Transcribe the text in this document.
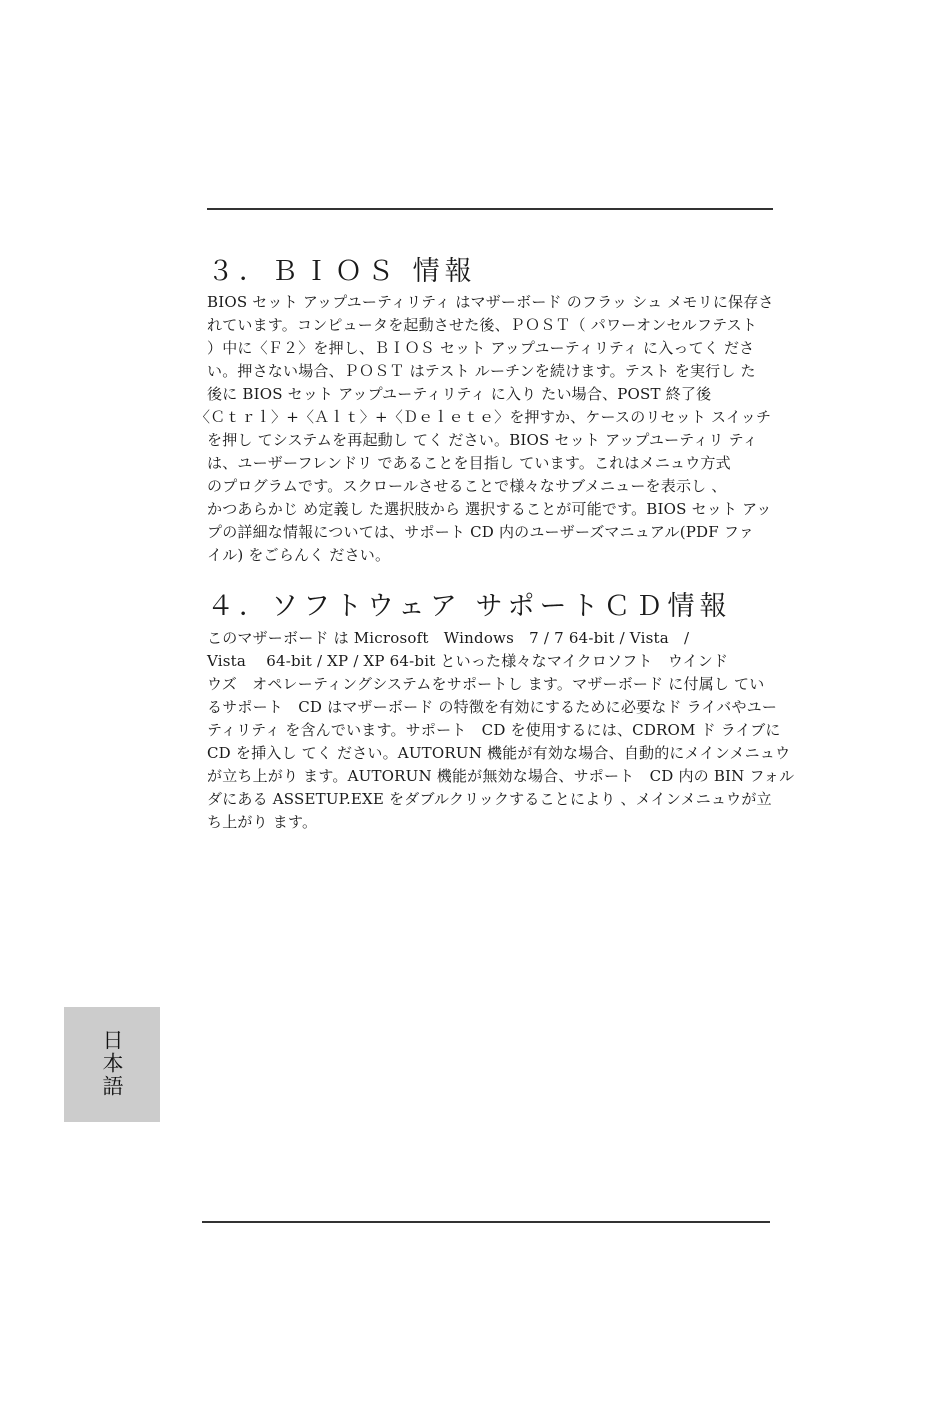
３．ＢＩＯＳ 情報

BIOS セット アップユーティリティ はマザーボード のフラッ シュ メモリに保存さ
れています。コンピュータを起動させた後、ＰＯＳＴ（ パワーオンセルフテスト
）中に〈Ｆ２〉を押し、ＢＩＯＳ セット アップユーティリティ に入ってく ださ
い。押さない場合、ＰＯＳＴ はテスト ルーチンを続けます。テスト を実行し た
後に BIOS セット アップユーティリティ に入り たい場合、POST 終了後
〈Ｃｔｒｌ〉+〈Ａｌｔ〉+〈Ｄｅｌｅｔｅ〉を押すか、ケースのリセット スイッチ
を押し てシステムを再起動し てく ださい。BIOS セット アップユーティリ ティ
は、ユーザーフレンドリ であることを目指し ています。これはメニュウ方式
のプログラムです。スクロールさせることで様々なサブメニューを表示し 、
かつあらかじ め定義し た選択肢から 選択することが可能です。BIOS セット アッ
プの詳細な情報については、サポート CD 内のユーザーズマニュアル(PDF ファ
イル) をごらんく ださい。

４．ソフトウェア サポートＣＤ情報

このマザーボード は Microsoft　Windows　7 / 7 64-bit / Vista　/
Vista　 64-bit / XP / XP 64-bit といった様々なマイクロソフト　ウインド
ウズ　オペレーティングシステムをサポートし ます。マザーボード に付属し てい
るサポート　CD はマザーボード の特徴を有効にするために必要なド ライバやユー
ティリティ を含んでいます。サポート　CD を使用するには、CDROM ド ライブに
CD を挿入し てく ださい。AUTORUN 機能が有効な場合、自動的にメインメニュウ
が立ち上がり ます。AUTORUN 機能が無効な場合、サポート　CD 内の BIN フォル
ダにある ASSETUP.EXE をダブルクリックすることにより 、メインメニュウが立
ち上がり ます。

日本語
